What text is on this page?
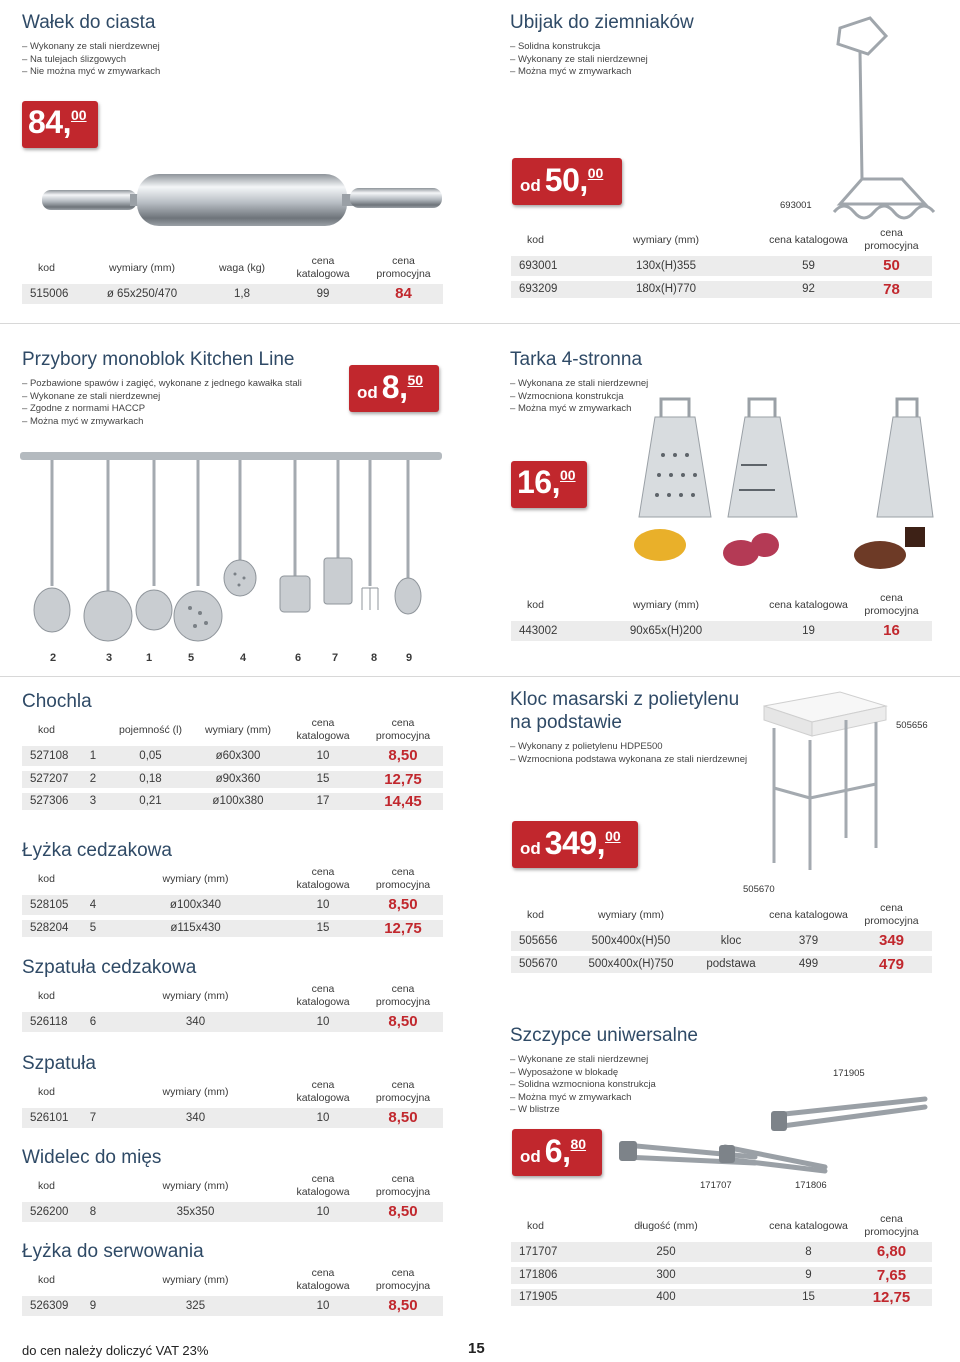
Wałek do ciasta
– Wykonany ze stali nierdzewnej
– Na tulejach ślizgowych
– Nie można myć w zmywarkach
84,00
kod	wymiary (mm)	waga (kg)	cena katalogowa	cena promocyjna
515006	ø 65x250/470	1,8	99	84
Ubijak do ziemniaków
– Solidna konstrukcja
– Wykonany ze stali nierdzewnej
– Można myć w zmywarkach
od 50,00
693001
kod	wymiary (mm)	cena katalogowa	cena promocyjna
693001	130x(H)355	59	50
693209	180x(H)770	92	78
Przybory monoblok Kitchen Line
– Pozbawione spawów i zagięć, wykonane z jednego kawałka stali
– Wykonane ze stali nierdzewnej
– Zgodne z normami HACCP
– Można myć w zmywarkach
od 8,50
2	3	1	5	4	6	7	8	9
Tarka 4-stronna
– Wykonana ze stali nierdzewnej
– Wzmocniona konstrukcja
– Można myć w zmywarkach
16,00
kod	wymiary (mm)	cena katalogowa	cena promocyjna
443002	90x65x(H)200	19	16
Chochla
kod		pojemność (l)	wymiary (mm)	cena katalogowa	cena promocyjna
527108	1	0,05	ø60x300	10	8,50
527207	2	0,18	ø90x360	15	12,75
527306	3	0,21	ø100x380	17	14,45
Łyżka cedzakowa
kod		wymiary (mm)	cena katalogowa	cena promocyjna
528105	4	ø100x340	10	8,50
528204	5	ø115x430	15	12,75
Szpatuła cedzakowa
kod		wymiary (mm)	cena katalogowa	cena promocyjna
526118	6	340	10	8,50
Szpatuła
kod		wymiary (mm)	cena katalogowa	cena promocyjna
526101	7	340	10	8,50
Widelec do mięs
kod		wymiary (mm)	cena katalogowa	cena promocyjna
526200	8	35x350	10	8,50
Łyżka do serwowania
kod		wymiary (mm)	cena katalogowa	cena promocyjna
526309	9	325	10	8,50
Kloc masarski z polietylenu
na podstawie
– Wykonany z polietylenu HDPE500
– Wzmocniona podstawa wykonana ze stali nierdzewnej
505656
od 349,00
505670
kod	wymiary (mm)		cena katalogowa	cena promocyjna
505656	500x400x(H)50	kloc	379	349
505670	500x400x(H)750	podstawa	499	479
Szczypce uniwersalne
– Wykonane ze stali nierdzewnej
– Wyposażone w blokadę
– Solidna wzmocniona konstrukcja
– Można myć w zmywarkach
– W blistrze
171905
171707	171806
od 6,80
kod	długość (mm)	cena katalogowa	cena promocyjna
171707	250	8	6,80
171806	300	9	7,65
171905	400	15	12,75
do cen należy doliczyć VAT 23%	15
